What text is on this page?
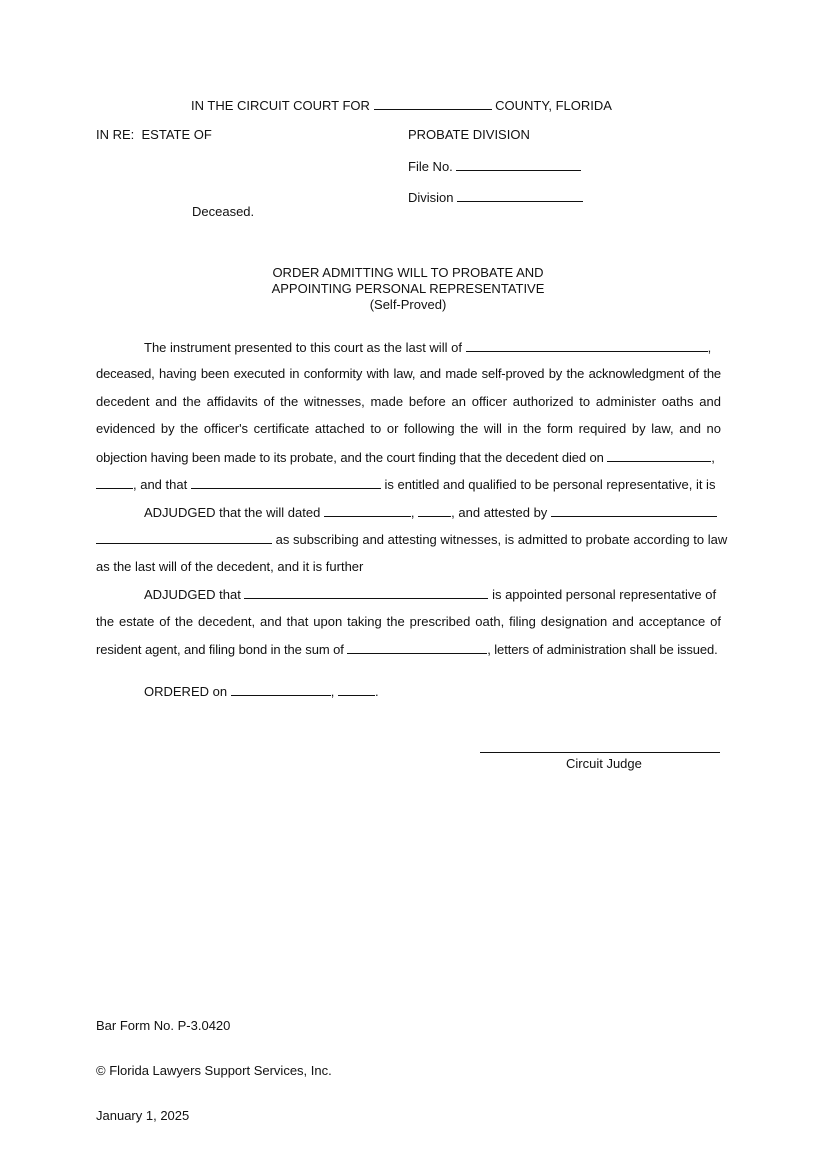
IN THE CIRCUIT COURT FOR	COUNTY, FLORIDA
IN RE:  ESTATE OF	PROBATE DIVISION
File No.
Division
Deceased.
ORDER ADMITTING WILL TO PROBATE AND
APPOINTING PERSONAL REPRESENTATIVE
(Self-Proved)
The instrument presented to this court as the last will of	,
deceased, having been executed in conformity with law, and made self-proved by the acknowledgment of the
decedent and the affidavits of the witnesses, made before an officer authorized to administer oaths and
evidenced by the officer's certificate attached to or following the will in the form required by law, and no
objection having been made to its probate, and the court finding that the decedent died on	,
, and that	is entitled and qualified to be personal representative, it is
ADJUDGED that the will dated	,	, and attested by
as subscribing and attesting witnesses, is admitted to probate according to law
as the last will of the decedent, and it is further
ADJUDGED that	is appointed personal representative of
the estate of the decedent, and that upon taking the prescribed oath, filing designation and acceptance of
resident agent, and filing bond in the sum of	, letters of administration shall be issued.
ORDERED on	,	.
Circuit Judge

Bar Form No. P-3.0420

© Florida Lawyers Support Services, Inc.

January 1, 2025
